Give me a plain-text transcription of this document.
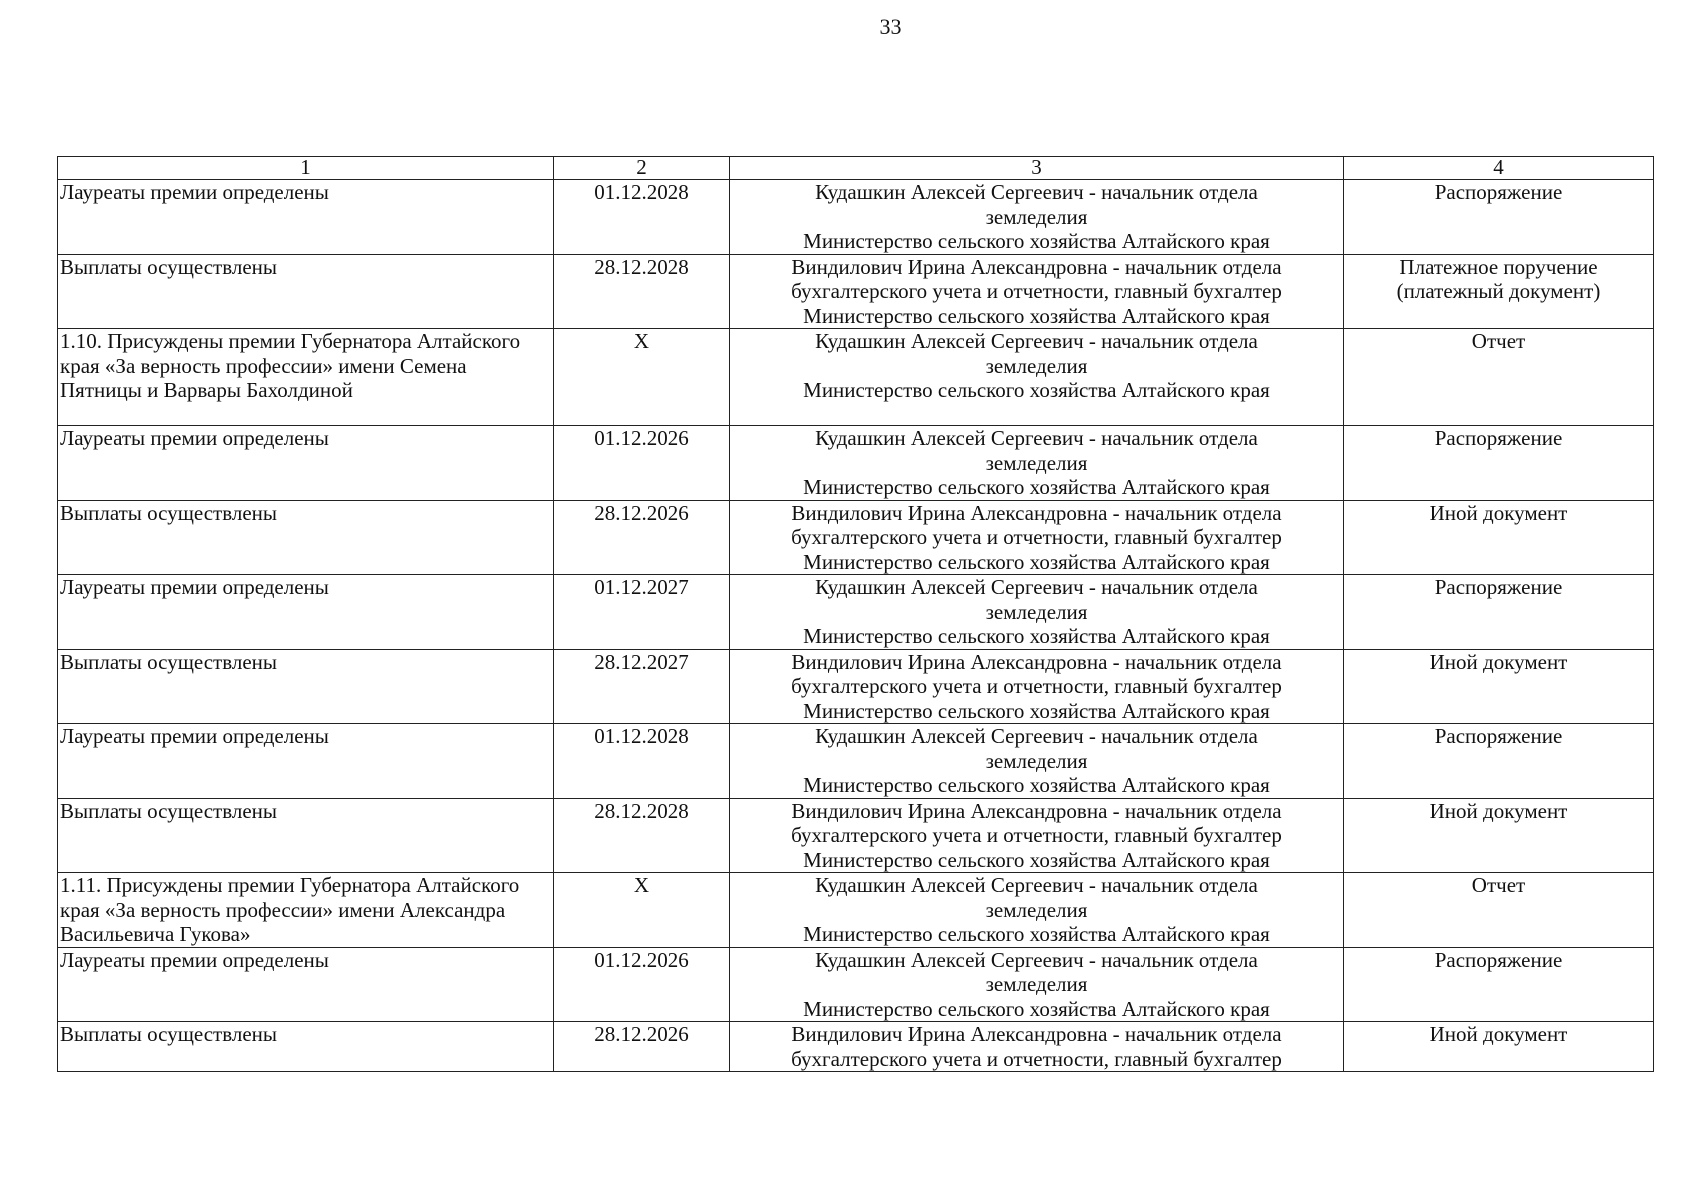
33
1	2	3	4
Лауреаты премии определены	01.12.2028	Кудашкин Алексей Сергеевич - начальник отдела
земледелия
Министерство сельского хозяйства Алтайского края	Распоряжение

Выплаты осуществлены	28.12.2028	Виндилович Ирина Александровна - начальник отдела
бухгалтерского учета и отчетности, главный бухгалтер
Министерство сельского хозяйства Алтайского края	Платежное поручение
(платежный документ)

1.10. Присуждены премии Губернатора Алтайского края «За верность профессии» имени Семена Пятницы и Варвары Бахолдиной	X	Кудашкин Алексей Сергеевич - начальник отдела
земледелия
Министерство сельского хозяйства Алтайского края	Отчет

Лауреаты премии определены	01.12.2026	Кудашкин Алексей Сергеевич - начальник отдела
земледелия
Министерство сельского хозяйства Алтайского края	Распоряжение

Выплаты осуществлены	28.12.2026	Виндилович Ирина Александровна - начальник отдела
бухгалтерского учета и отчетности, главный бухгалтер
Министерство сельского хозяйства Алтайского края	Иной документ

Лауреаты премии определены	01.12.2027	Кудашкин Алексей Сергеевич - начальник отдела
земледелия
Министерство сельского хозяйства Алтайского края	Распоряжение

Выплаты осуществлены	28.12.2027	Виндилович Ирина Александровна - начальник отдела
бухгалтерского учета и отчетности, главный бухгалтер
Министерство сельского хозяйства Алтайского края	Иной документ

Лауреаты премии определены	01.12.2028	Кудашкин Алексей Сергеевич - начальник отдела
земледелия
Министерство сельского хозяйства Алтайского края	Распоряжение

Выплаты осуществлены	28.12.2028	Виндилович Ирина Александровна - начальник отдела
бухгалтерского учета и отчетности, главный бухгалтер
Министерство сельского хозяйства Алтайского края	Иной документ

1.11. Присуждены премии Губернатора Алтайского края «За верность профессии» имени Александра Васильевича Гукова»	X	Кудашкин Алексей Сергеевич - начальник отдела
земледелия
Министерство сельского хозяйства Алтайского края	Отчет

Лауреаты премии определены	01.12.2026	Кудашкин Алексей Сергеевич - начальник отдела
земледелия
Министерство сельского хозяйства Алтайского края	Распоряжение

Выплаты осуществлены	28.12.2026	Виндилович Ирина Александровна - начальник отдела
бухгалтерского учета и отчетности, главный бухгалтер	Иной документ
